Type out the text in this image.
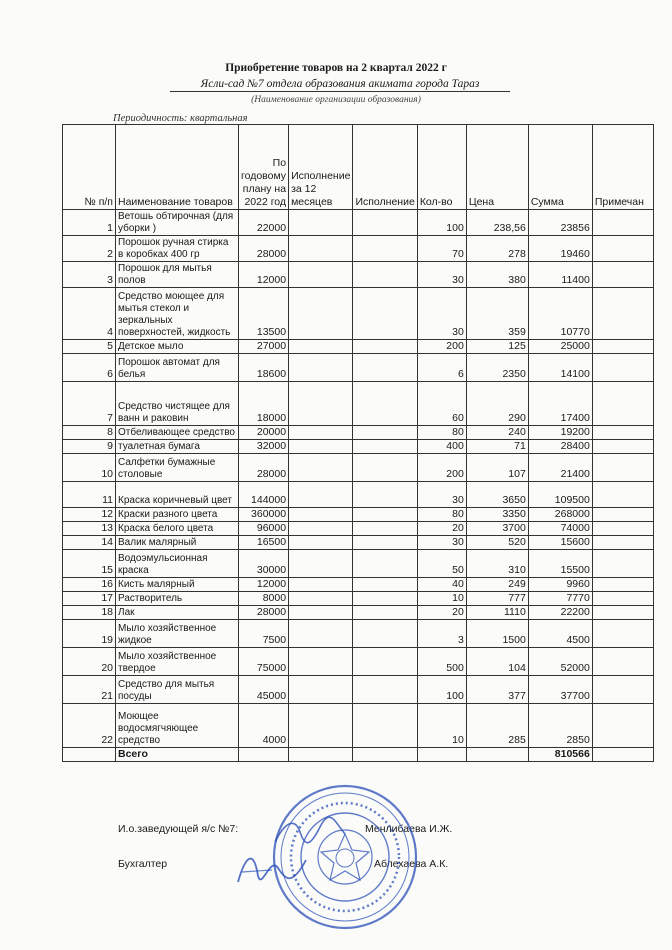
Приобретение товаров на 2 квартал 2022 г
Ясли-сад №7 отдела образования акимата города Тараз
(Наименование организации образования)
Периодичность: квартальная
№ п/п	Наименование товаров	По годовому плану на 2022 год	Исполнение за 12 месяцев	Исполнение	Кол-во	Цена	Сумма	Примечан
1	Ветошь обтирочная (для уборки )	22000			100	238,56	23856	
2	Порошок ручная стирка в коробках 400 гр	28000			70	278	19460	
3	Порошок для мытья полов	12000			30	380	11400	
4	Средство моющее для мытья стекол и зеркальных поверхностей, жидкость	13500			30	359	10770	
5	Детское мыло	27000			200	125	25000	
6	Порошок автомат для белья	18600			6	2350	14100	
7	Средство чистящее для ванн и раковин	18000			60	290	17400	
8	Отбеливающее средство	20000			80	240	19200	
9	туалетная бумага	32000			400	71	28400	
10	Салфетки бумажные столовые	28000			200	107	21400	
11	Краска коричневый цвет	144000			30	3650	109500	
12	Краски разного цвета	360000			80	3350	268000	
13	Краска белого цвета	96000			20	3700	74000	
14	Валик малярный	16500			30	520	15600	
15	Водоэмульсионная краска	30000			50	310	15500	
16	Кисть малярный	12000			40	249	9960	
17	Растворитель	8000			10	777	7770	
18	Лак	28000			20	1110	22200	
19	Мыло хозяйственное жидкое	7500			3	1500	4500	
20	Мыло хозяйственное твердое	75000			500	104	52000	
21	Средство для мытья посуды	45000			100	377	37700	
22	Моющее водосмягчяющее средство	4000			10	285	2850	
	Всего						810566	
И.о.заведующей я/с №7:	Менлибаева И.Ж.
Бухгалтер	Аблехаева А.К.
